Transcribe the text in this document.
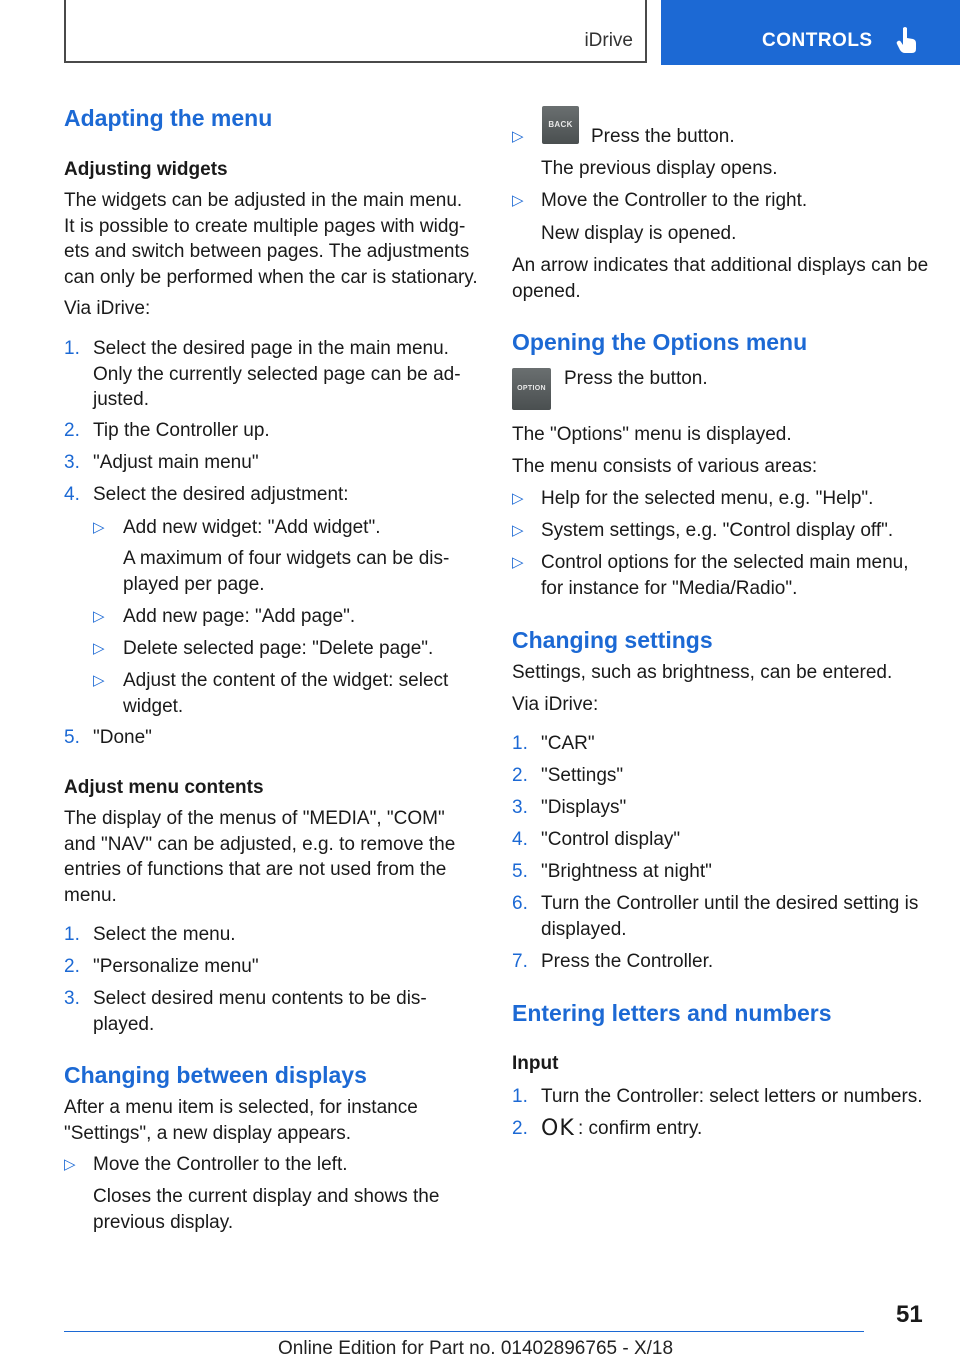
iDrive	CONTROLS
Adapting the menu
Adjusting widgets
The widgets can be adjusted in the main menu.
It is possible to create multiple pages with widg-
ets and switch between pages. The adjustments
can only be performed when the car is stationary.
Via iDrive:
1. Select the desired page in the main menu.
Only the currently selected page can be ad-
justed.
2. Tip the Controller up.
3. "Adjust main menu"
4. Select the desired adjustment:
▷ Add new widget: "Add widget".
A maximum of four widgets can be dis-
played per page.
▷ Add new page: "Add page".
▷ Delete selected page: "Delete page".
▷ Adjust the content of the widget: select
widget.
5. "Done"
Adjust menu contents
The display of the menus of "MEDIA", "COM"
and "NAV" can be adjusted, e.g. to remove the
entries of functions that are not used from the
menu.
1. Select the menu.
2. "Personalize menu"
3. Select desired menu contents to be dis-
played.
Changing between displays
After a menu item is selected, for instance
"Settings", a new display appears.
▷ Move the Controller to the left.
Closes the current display and shows the
previous display.
▷
BACK
Press the button.
The previous display opens.
▷ Move the Controller to the right.
New display is opened.
An arrow indicates that additional displays can be
opened.
Opening the Options menu
OPTION Press the button.
The "Options" menu is displayed.
The menu consists of various areas:
▷ Help for the selected menu, e.g. "Help".
▷ System settings, e.g. "Control display off".
▷ Control options for the selected main menu,
for instance for "Media/Radio".
Changing settings
Settings, such as brightness, can be entered.
Via iDrive:
1. "CAR"
2. "Settings"
3. "Displays"
4. "Control display"
5. "Brightness at night"
6. Turn the Controller until the desired setting is
displayed.
7. Press the Controller.
Entering letters and numbers
Input
1. Turn the Controller: select letters or numbers.
2. OK : confirm entry.
51
Online Edition for Part no. 01402896765 - X/18
